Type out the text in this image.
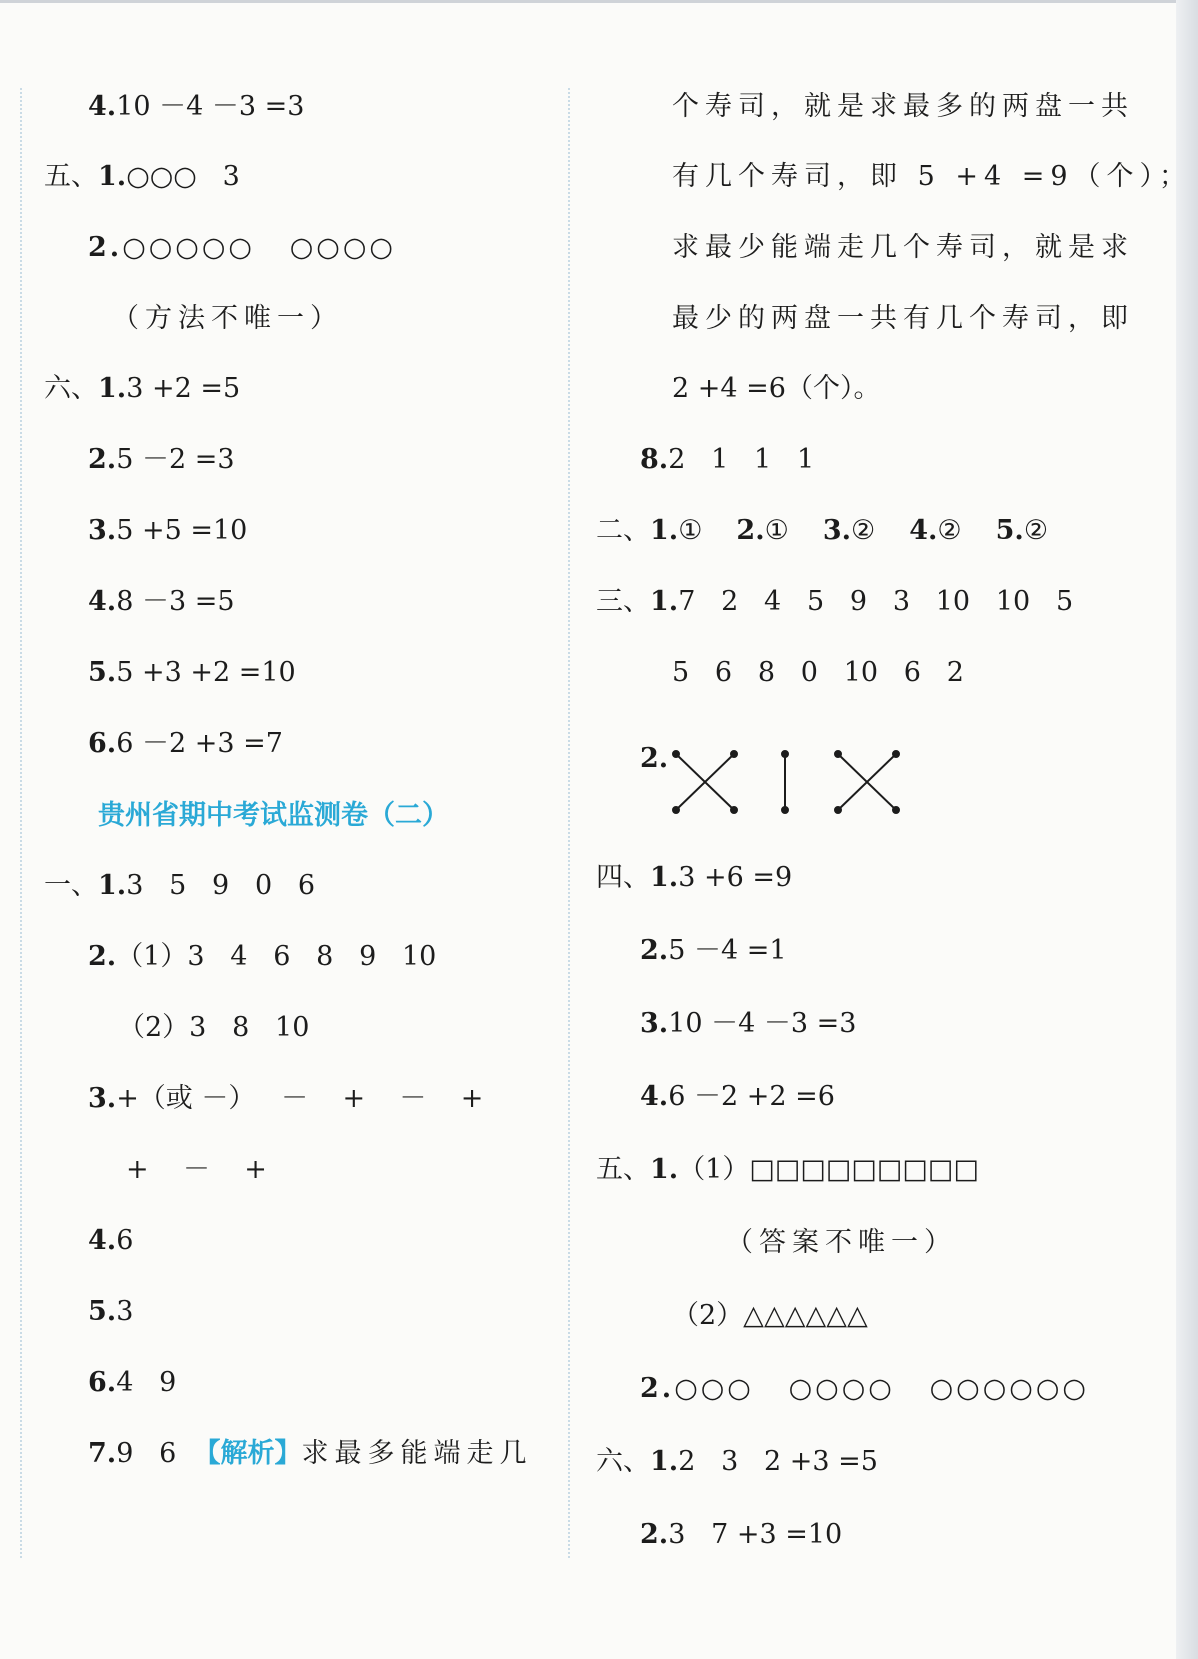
4.10 －4 －3 =3
五、1.○○○   3
2.○○○○○   ○○○○
（方法不唯一）
六、1.3 +2 =5
2.5 －2 =3
3.5 +5 =10
4.8 －3 =5
5.5 +3 +2 =10
6.6 －2 +3 =7
贵州省期中考试监测卷（二）
一、1.3   5   9   0   6
2.（1）3   4   6   8   9   10
（2）3   8   10
3.+（或 －）   －    +    －    +
+    －    +
4.6
5.3
6.4   9
7.9   6  【解析】求最多能端走几
个寿司，就是求最多的两盘一共
有几个寿司，即 5 +4 =9（个）；
求最少能端走几个寿司，就是求
最少的两盘一共有几个寿司，即
2 +4 =6（个）。
8.2   1   1   1
二、1.① 2.① 3.② 4.② 5.②
三、1.7   2   4   5   9   3   10   10   5
5   6   8   0   10   6   2
2.
四、1.3 +6 =9
2.5 －4 =1
3.10 －4 －3 =3
4.6 －2 +2 =6
五、1.（1）□□□□□□□□□
（答案不唯一）
（2）△△△△△△
2.○○○   ○○○○   ○○○○○○
六、1.2   3   2 +3 =5
2.3   7 +3 =10
